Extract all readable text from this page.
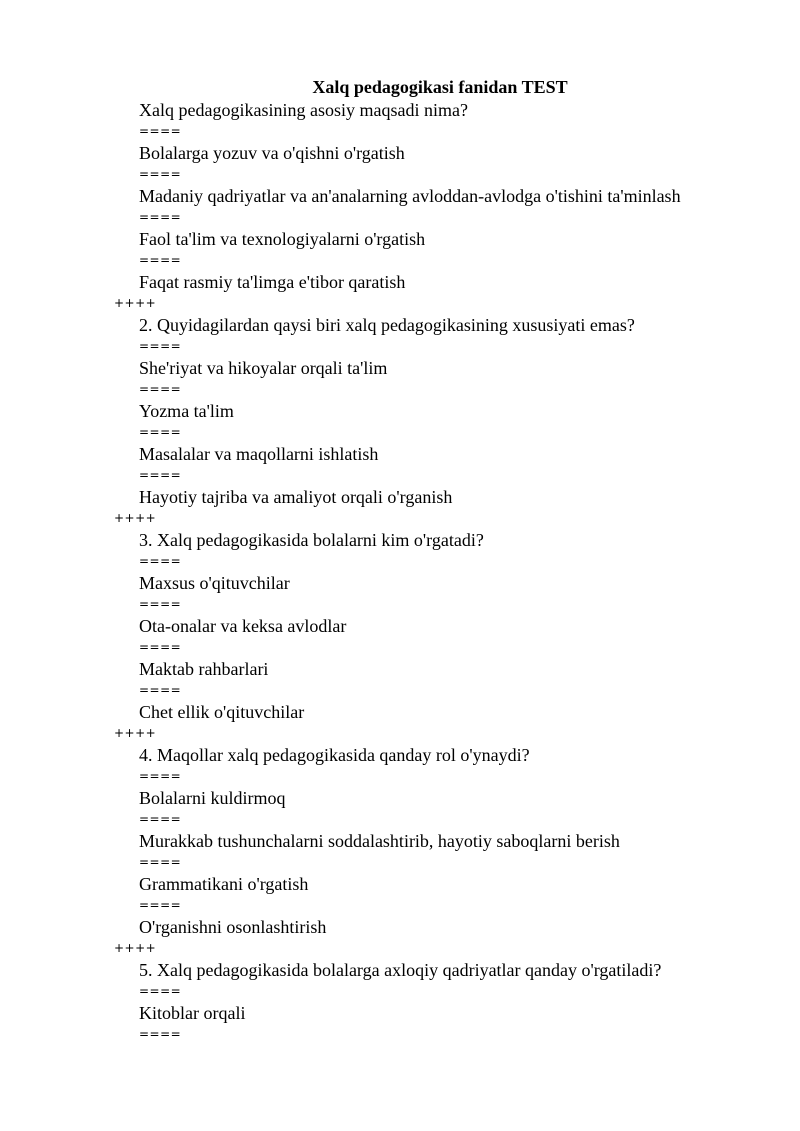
Xalq pedagogikasi fanidan TEST
Xalq pedagogikasining asosiy maqsadi nima?
====
Bolalarga yozuv va o'qishni o'rgatish
====
Madaniy qadriyatlar va an'analarning avloddan-avlodga o'tishini ta'minlash
====
Faol ta'lim va texnologiyalarni o'rgatish
====
Faqat rasmiy ta'limga e'tibor qaratish
++++
2. Quyidagilardan qaysi biri xalq pedagogikasining xususiyati emas?
====
She'riyat va hikoyalar orqali ta'lim
====
Yozma ta'lim
====
Masalalar va maqollarni ishlatish
====
Hayotiy tajriba va amaliyot orqali o'rganish
++++
3. Xalq pedagogikasida bolalarni kim o'rgatadi?
====
Maxsus o'qituvchilar
====
Ota-onalar va keksa avlodlar
====
Maktab rahbarlari
====
Chet ellik o'qituvchilar
++++
4. Maqollar xalq pedagogikasida qanday rol o'ynaydi?
====
Bolalarni kuldirmoq
====
Murakkab tushunchalarni soddalashtirib, hayotiy saboqlarni berish
====
Grammatikani o'rgatish
====
O'rganishni osonlashtirish
++++
5. Xalq pedagogikasida bolalarga axloqiy qadriyatlar qanday o'rgatiladi?
====
Kitoblar orqali
====
